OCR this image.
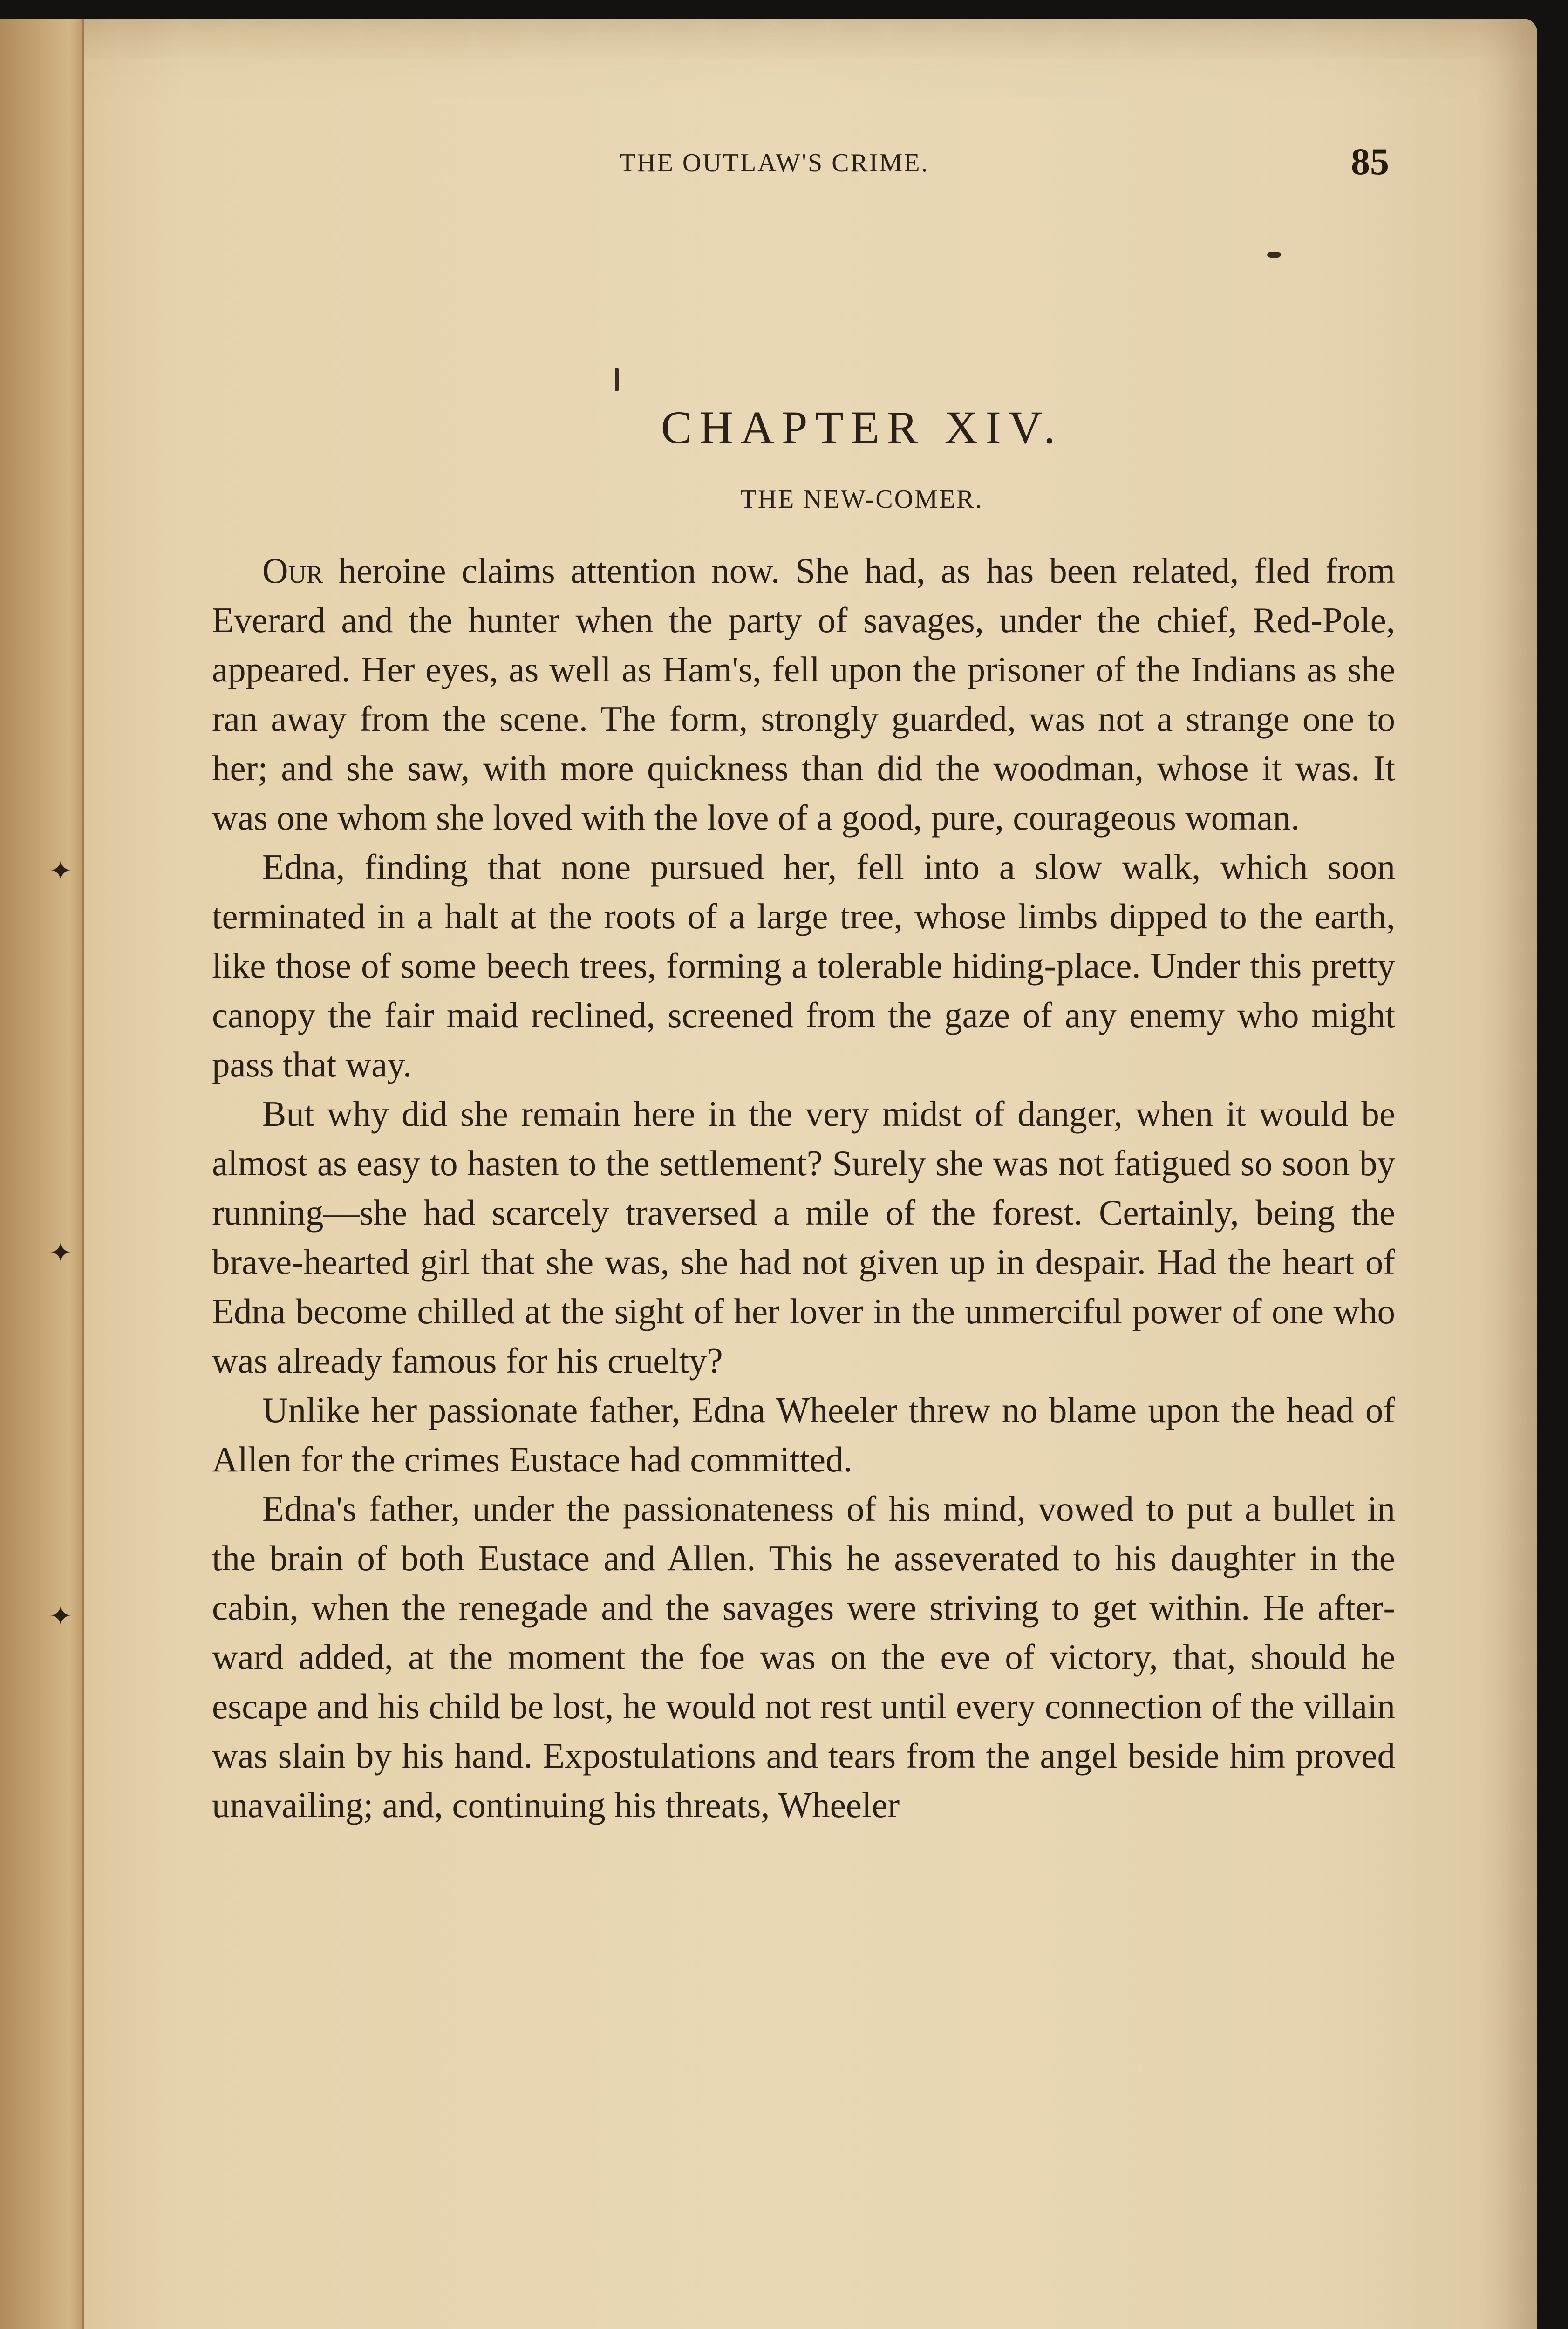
✦
✦
✦
THE OUTLAW'S CRIME.	85
CHAPTER XIV.
THE NEW-COMER.

Our heroine claims attention now. She had, as has been related, fled from Everard and the hunter when the party of savages, under the chief, Red-Pole, appeared. Her eyes, as well as Ham's, fell upon the prisoner of the Indians as she ran away from the scene. The form, strongly guarded, was not a strange one to her; and she saw, with more quickness than did the woodman, whose it was. It was one whom she loved with the love of a good, pure, courageous woman.

Edna, finding that none pursued her, fell into a slow walk, which soon terminated in a halt at the roots of a large tree, whose limbs dipped to the earth, like those of some beech trees, forming a tolerable hiding-place. Under this pretty canopy the fair maid reclined, screened from the gaze of any enemy who might pass that way.

But why did she remain here in the very midst of danger, when it would be almost as easy to hasten to the settlement? Surely she was not fatigued so soon by running—she had scarcely traversed a mile of the forest. Certainly, being the brave-hearted girl that she was, she had not given up in despair. Had the heart of Edna become chilled at the sight of her lover in the unmerciful power of one who was already famous for his cruelty?

Unlike her passionate father, Edna Wheeler threw no blame upon the head of Allen for the crimes Eustace had committed.

Edna's father, under the passionateness of his mind, vowed to put a bullet in the brain of both Eustace and Allen. This he asseverated to his daughter in the cabin, when the renegade and the savages were striving to get within. He afterward added, at the moment the foe was on the eve of victory, that, should he escape and his child be lost, he would not rest until every connection of the villain was slain by his hand. Expostulations and tears from the angel beside him proved unavailing; and, continuing his threats, Wheeler
